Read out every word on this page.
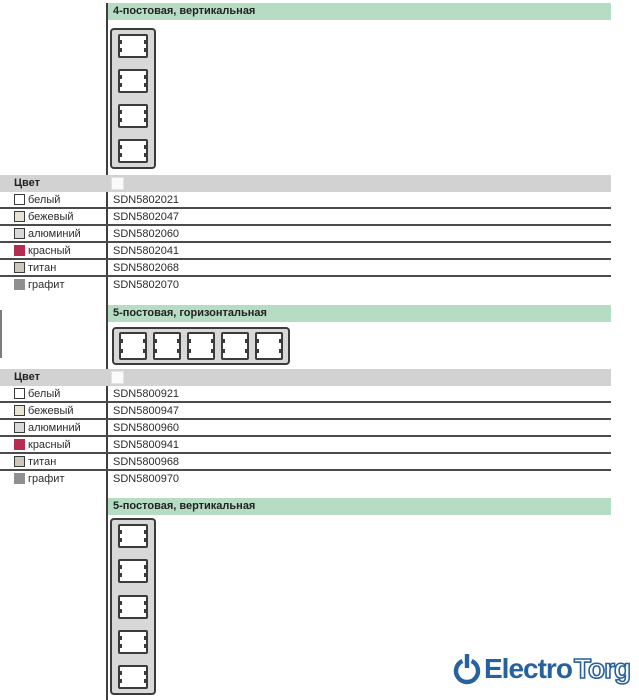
4-постовая, вертикальная
Цвет
белый	SDN5802021
бежевый	SDN5802047
алюминий	SDN5802060
красный	SDN5802041
титан	SDN5802068
графит	SDN5802070
5-постовая, горизонтальная
Цвет
белый	SDN5800921
бежевый	SDN5800947
алюминий	SDN5800960
красный	SDN5800941
титан	SDN5800968
графит	SDN5800970
5-постовая, вертикальная
Electro Torg
